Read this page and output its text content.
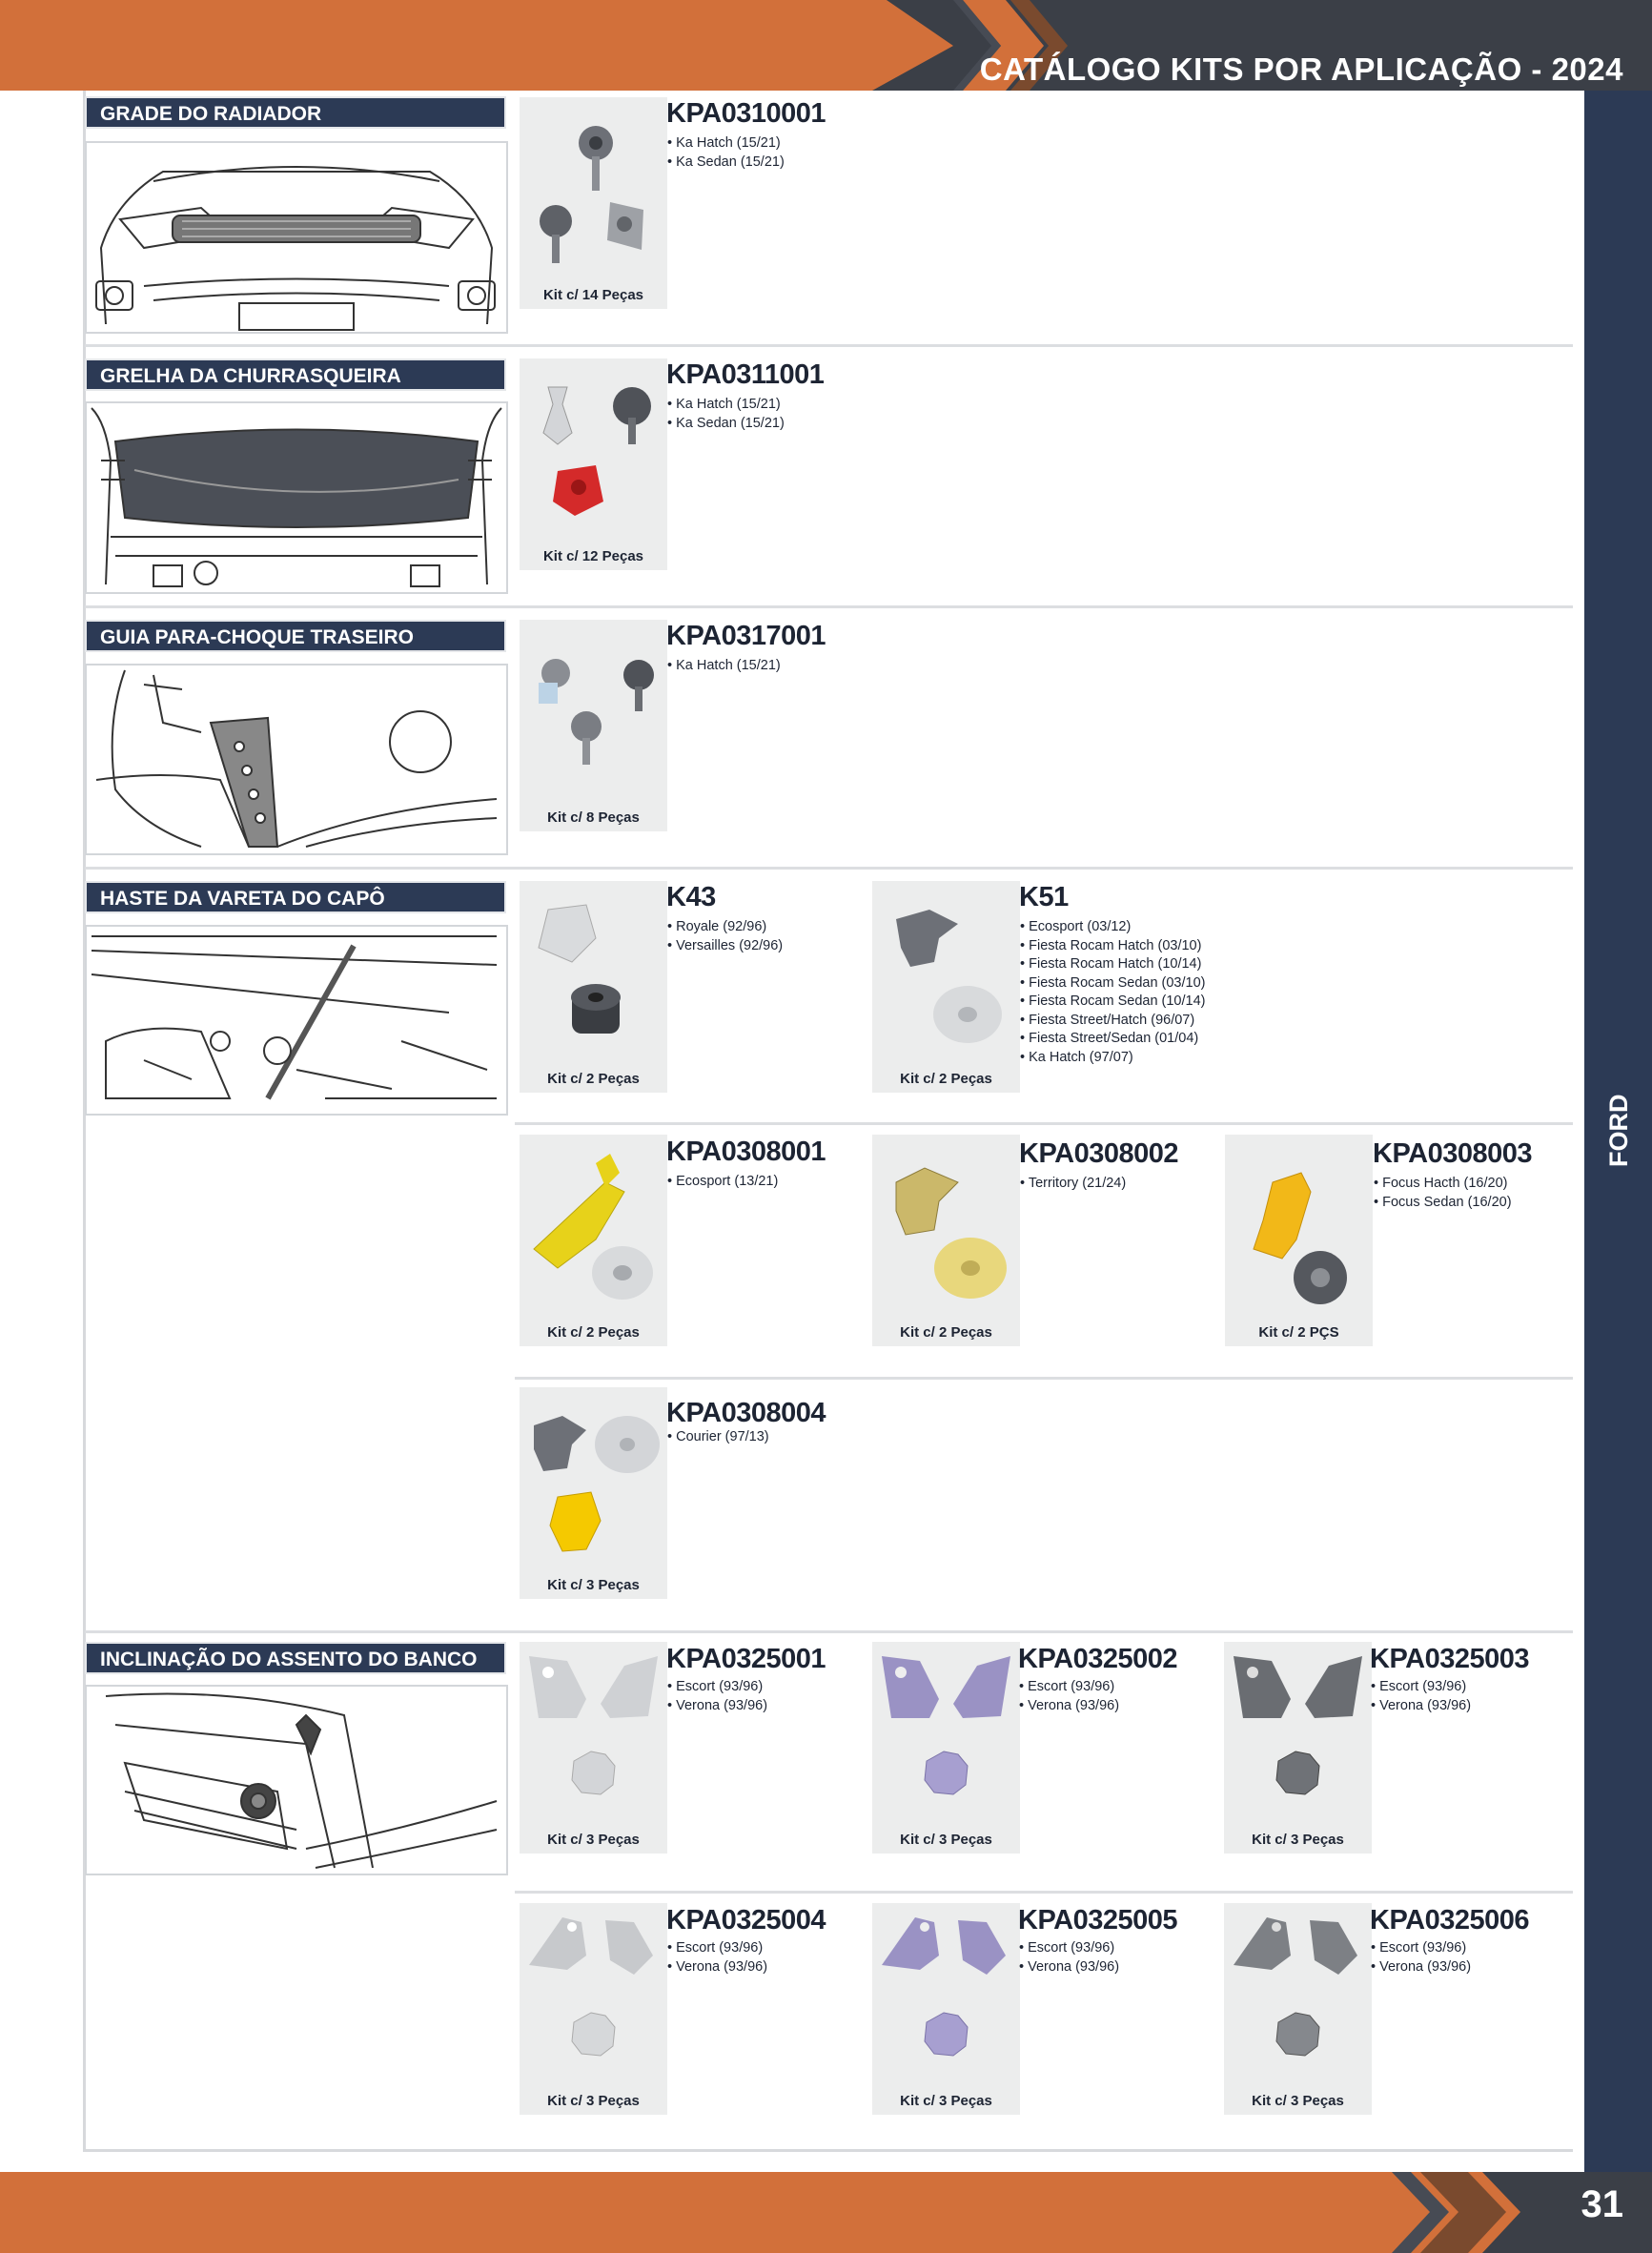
CATÁLOGO KITS POR APLICAÇÃO - 2024
31
GRADE DO RADIADOR
GRELHA DA CHURRASQUEIRA
GUIA PARA-CHOQUE TRASEIRO
HASTE DA VARETA DO CAPÔ
INCLINAÇÃO DO ASSENTO DO BANCO
Kit c/ 14 Peças
KPA0310001
• Ka Hatch (15/21)
• Ka Sedan (15/21)
Kit c/ 12 Peças
KPA0311001
• Ka Hatch (15/21)
• Ka Sedan (15/21)
Kit c/ 8 Peças
KPA0317001
• Ka Hatch (15/21)
Kit c/ 2 Peças
K43
• Royale (92/96)
• Versailles (92/96)
Kit c/ 2 Peças
K51
• Ecosport (03/12)
• Fiesta Rocam Hatch (03/10)
• Fiesta Rocam Hatch (10/14)
• Fiesta Rocam Sedan (03/10)
• Fiesta Rocam Sedan (10/14)
• Fiesta Street/Hatch (96/07)
• Fiesta Street/Sedan (01/04)
• Ka Hatch (97/07)
Kit c/ 2 Peças
KPA0308001
• Ecosport (13/21)
Kit c/ 2 Peças
KPA0308002
• Territory (21/24)
Kit c/ 2 PÇS
KPA0308003
• Focus Hacth (16/20)
• Focus Sedan (16/20)
Kit c/ 3 Peças
KPA0308004
• Courier (97/13)
Kit c/ 3 Peças
KPA0325001
• Escort (93/96)
• Verona (93/96)
Kit c/ 3 Peças
KPA0325002
• Escort (93/96)
• Verona (93/96)
Kit c/ 3 Peças
KPA0325003
• Escort (93/96)
• Verona (93/96)
Kit c/ 3 Peças
KPA0325004
• Escort (93/96)
• Verona (93/96)
Kit c/ 3 Peças
KPA0325005
• Escort (93/96)
• Verona (93/96)
Kit c/ 3 Peças
KPA0325006
• Escort (93/96)
• Verona (93/96)
